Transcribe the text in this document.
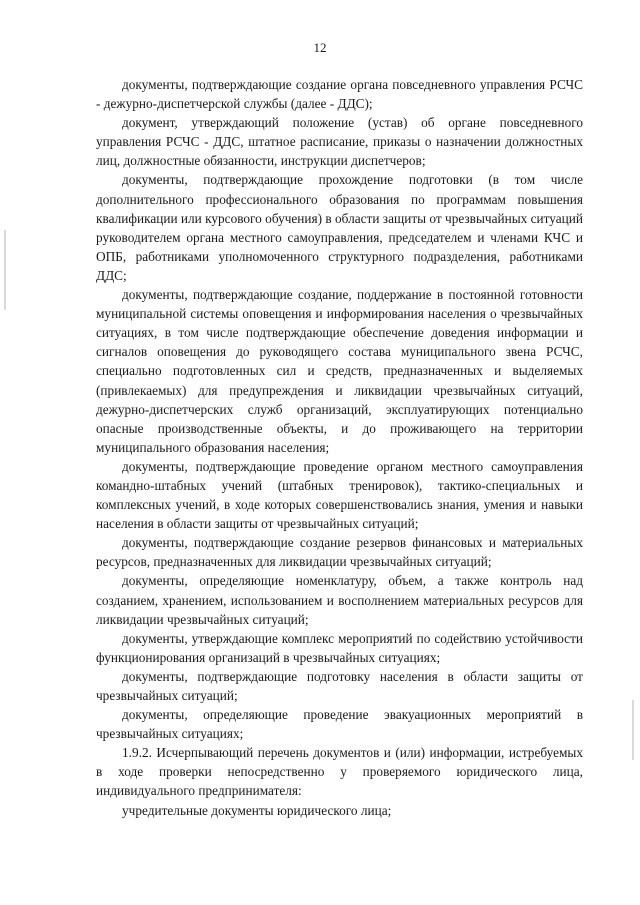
12

документы, подтверждающие создание органа повседневного управления РСЧС - дежурно-диспетчерской службы (далее - ДДС);

документ, утверждающий положение (устав) об органе повседневного управления РСЧС - ДДС, штатное расписание, приказы о назначении должностных лиц, должностные обязанности, инструкции диспетчеров;

документы, подтверждающие прохождение подготовки (в том числе дополнительного профессионального образования по программам повышения квалификации или курсового обучения) в области защиты от чрезвычайных ситуаций руководителем органа местного самоуправления, председателем и членами КЧС и ОПБ, работниками уполномоченного структурного подразделения, работниками ДДС;

документы, подтверждающие создание, поддержание в постоянной готовности муниципальной системы оповещения и информирования населения о чрезвычайных ситуациях, в том числе подтверждающие обеспечение доведения информации и сигналов оповещения до руководящего состава муниципального звена РСЧС, специально подготовленных сил и средств, предназначенных и выделяемых (привлекаемых) для предупреждения и ликвидации чрезвычайных ситуаций, дежурно-диспетчерских служб организаций, эксплуатирующих потенциально опасные производственные объекты, и до проживающего на территории муниципального образования населения;

документы, подтверждающие проведение органом местного самоуправления командно-штабных учений (штабных тренировок), тактико-специальных и комплексных учений, в ходе которых совершенствовались знания, умения и навыки населения в области защиты от чрезвычайных ситуаций;

документы, подтверждающие создание резервов финансовых и материальных ресурсов, предназначенных для ликвидации чрезвычайных ситуаций;

документы, определяющие номенклатуру, объем, а также контроль над созданием, хранением, использованием и восполнением материальных ресурсов для ликвидации чрезвычайных ситуаций;

документы, утверждающие комплекс мероприятий по содействию устойчивости функционирования организаций в чрезвычайных ситуациях;

документы, подтверждающие подготовку населения в области защиты от чрезвычайных ситуаций;

документы, определяющие проведение эвакуационных мероприятий в чрезвычайных ситуациях;

1.9.2. Исчерпывающий перечень документов и (или) информации, истребуемых в ходе проверки непосредственно у проверяемого юридического лица, индивидуального предпринимателя:

учредительные документы юридического лица;
